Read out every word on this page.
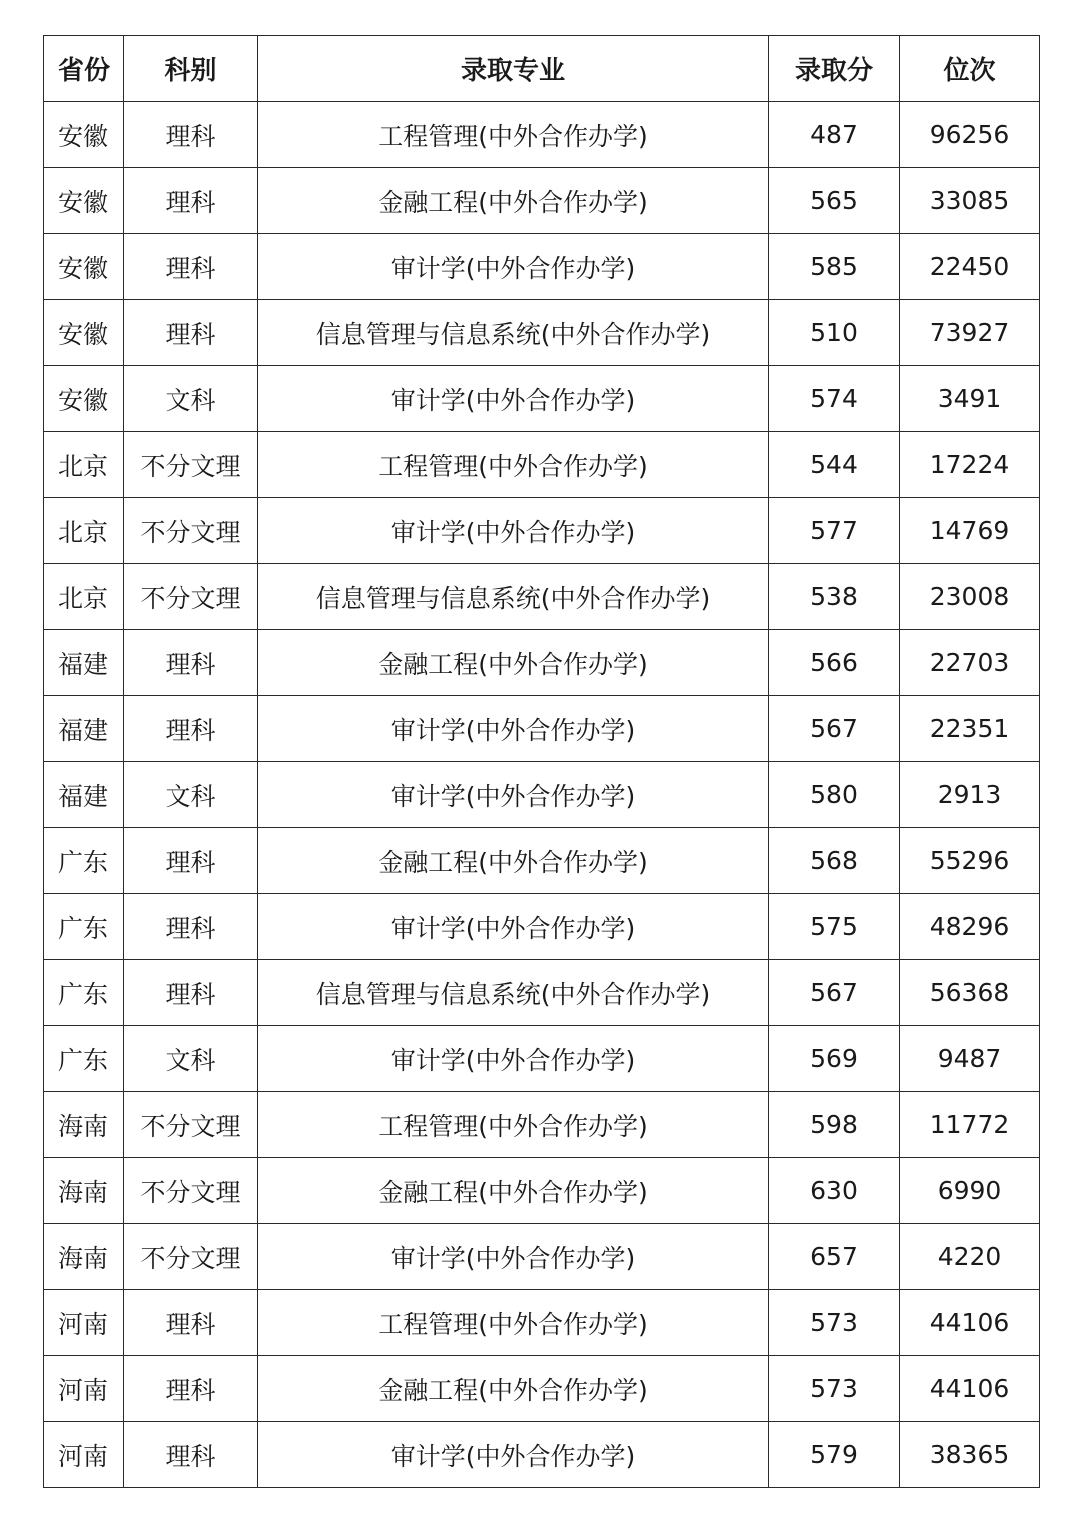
省份	科别	录取专业	录取分	位次
安徽	理科	工程管理(中外合作办学)	487	96256
安徽	理科	金融工程(中外合作办学)	565	33085
安徽	理科	审计学(中外合作办学)	585	22450
安徽	理科	信息管理与信息系统(中外合作办学)	510	73927
安徽	文科	审计学(中外合作办学)	574	3491
北京	不分文理	工程管理(中外合作办学)	544	17224
北京	不分文理	审计学(中外合作办学)	577	14769
北京	不分文理	信息管理与信息系统(中外合作办学)	538	23008
福建	理科	金融工程(中外合作办学)	566	22703
福建	理科	审计学(中外合作办学)	567	22351
福建	文科	审计学(中外合作办学)	580	2913
广东	理科	金融工程(中外合作办学)	568	55296
广东	理科	审计学(中外合作办学)	575	48296
广东	理科	信息管理与信息系统(中外合作办学)	567	56368
广东	文科	审计学(中外合作办学)	569	9487
海南	不分文理	工程管理(中外合作办学)	598	11772
海南	不分文理	金融工程(中外合作办学)	630	6990
海南	不分文理	审计学(中外合作办学)	657	4220
河南	理科	工程管理(中外合作办学)	573	44106
河南	理科	金融工程(中外合作办学)	573	44106
河南	理科	审计学(中外合作办学)	579	38365
